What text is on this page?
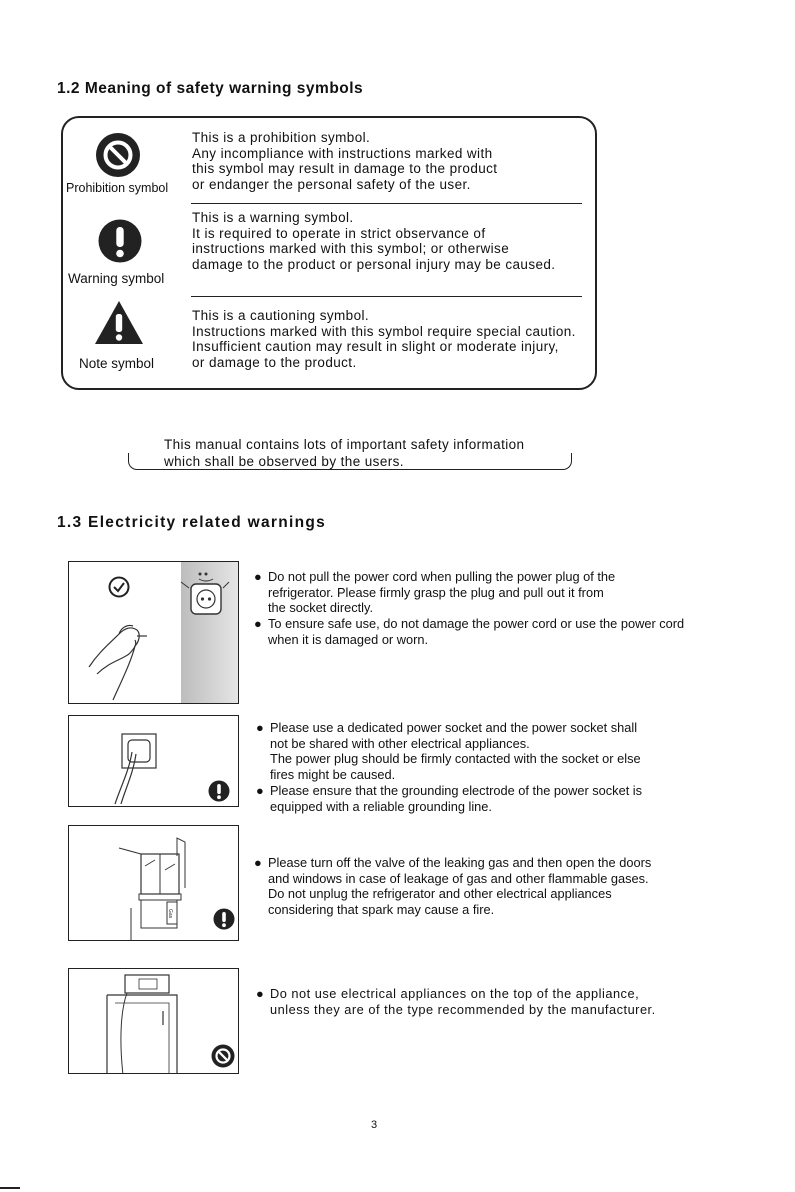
1.2 Meaning of safety warning symbols
Prohibition symbol
Warning symbol
Note symbol
This is a prohibition symbol.
Any incompliance with instructions marked with
this symbol may result in damage to the product
or endanger the personal safety of the user.
This is a warning symbol.
It is required to operate in strict observance of
instructions marked with this symbol; or otherwise
damage to the product or personal injury may be caused.
This is a cautioning symbol.
Instructions marked with this symbol require special caution.
Insufficient caution may result in slight or moderate injury,
or damage to the product.
This manual contains lots of important safety information
which shall be observed by the users.
1.3 Electricity related warnings
● Do not pull the power cord when pulling the power plug of the
refrigerator. Please firmly grasp the plug and pull out it from
the socket directly.
● To ensure safe use, do not damage the power cord or use the power cord
when it is damaged or worn.
● Please use a dedicated power socket and the power socket shall
not be shared with other electrical appliances.
The power plug should be firmly contacted with the socket or else
fires might be caused.
● Please ensure that the grounding electrode of the power socket is
equipped with a reliable grounding line.
Gas
● Please turn off the valve of the leaking gas and then open the doors
and windows in case of leakage of gas and other flammable gases.
Do not unplug the refrigerator and other electrical appliances
considering that spark may cause a fire.
● Do not use electrical appliances on the top of the appliance,
unless they are of the type recommended by the manufacturer.
3
